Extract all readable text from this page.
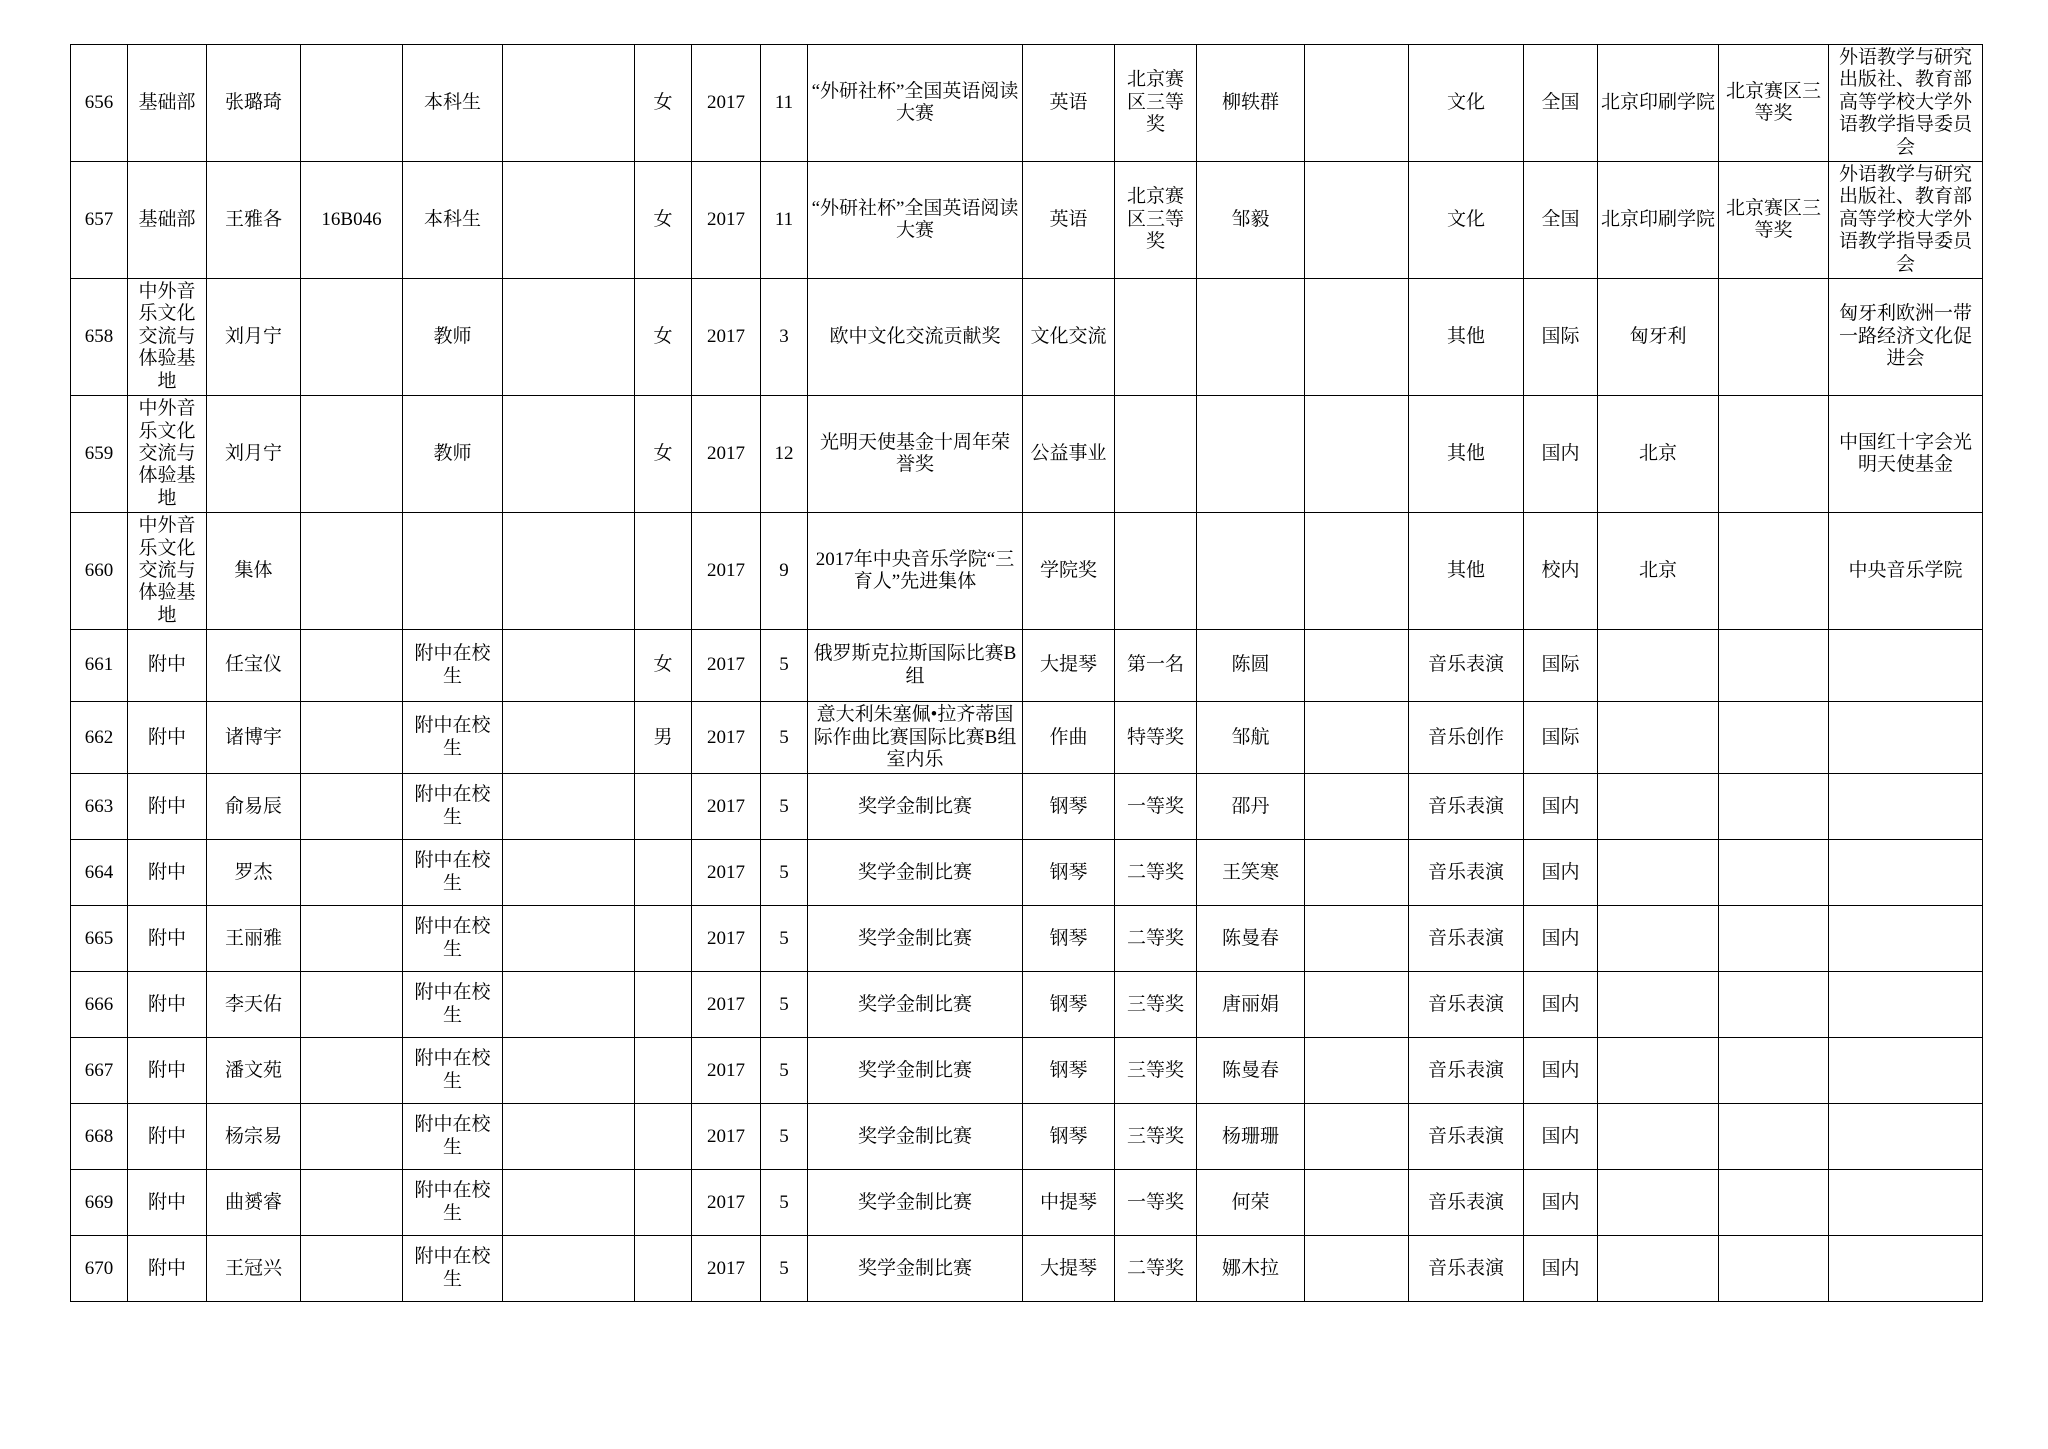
656	基础部	张璐琦		本科生		女	2017	11	“外研社杯”全国英语阅读大赛	英语	北京赛区三等奖	柳轶群		文化	全国	北京印刷学院	北京赛区三等奖	外语教学与研究出版社、教育部高等学校大学外语教学指导委员会
657	基础部	王雅各	16B046	本科生		女	2017	11	“外研社杯”全国英语阅读大赛	英语	北京赛区三等奖	邹毅		文化	全国	北京印刷学院	北京赛区三等奖	外语教学与研究出版社、教育部高等学校大学外语教学指导委员会
658	中外音乐文化交流与体验基地	刘月宁		教师		女	2017	3	欧中文化交流贡献奖	文化交流				其他	国际	匈牙利		匈牙利欧洲一带一路经济文化促进会
659	中外音乐文化交流与体验基地	刘月宁		教师		女	2017	12	光明天使基金十周年荣誉奖	公益事业				其他	国内	北京		中国红十字会光明天使基金
660	中外音乐文化交流与体验基地	集体					2017	9	2017年中央音乐学院“三育人”先进集体	学院奖				其他	校内	北京		中央音乐学院
661	附中	任宝仪		附中在校生		女	2017	5	俄罗斯克拉斯国际比赛B组	大提琴	第一名	陈圆		音乐表演	国际			
662	附中	诸博宇		附中在校生		男	2017	5	意大利朱塞佩•拉齐蒂国际作曲比赛国际比赛B组室内乐	作曲	特等奖	邹航		音乐创作	国际			
663	附中	俞易辰		附中在校生			2017	5	奖学金制比赛	钢琴	一等奖	邵丹		音乐表演	国内			
664	附中	罗杰		附中在校生			2017	5	奖学金制比赛	钢琴	二等奖	王笑寒		音乐表演	国内			
665	附中	王丽雅		附中在校生			2017	5	奖学金制比赛	钢琴	二等奖	陈曼春		音乐表演	国内			
666	附中	李天佑		附中在校生			2017	5	奖学金制比赛	钢琴	三等奖	唐丽娟		音乐表演	国内			
667	附中	潘文苑		附中在校生			2017	5	奖学金制比赛	钢琴	三等奖	陈曼春		音乐表演	国内			
668	附中	杨宗易		附中在校生			2017	5	奖学金制比赛	钢琴	三等奖	杨珊珊		音乐表演	国内			
669	附中	曲赟睿		附中在校生			2017	5	奖学金制比赛	中提琴	一等奖	何荣		音乐表演	国内			
670	附中	王冠兴		附中在校生			2017	5	奖学金制比赛	大提琴	二等奖	娜木拉		音乐表演	国内			
